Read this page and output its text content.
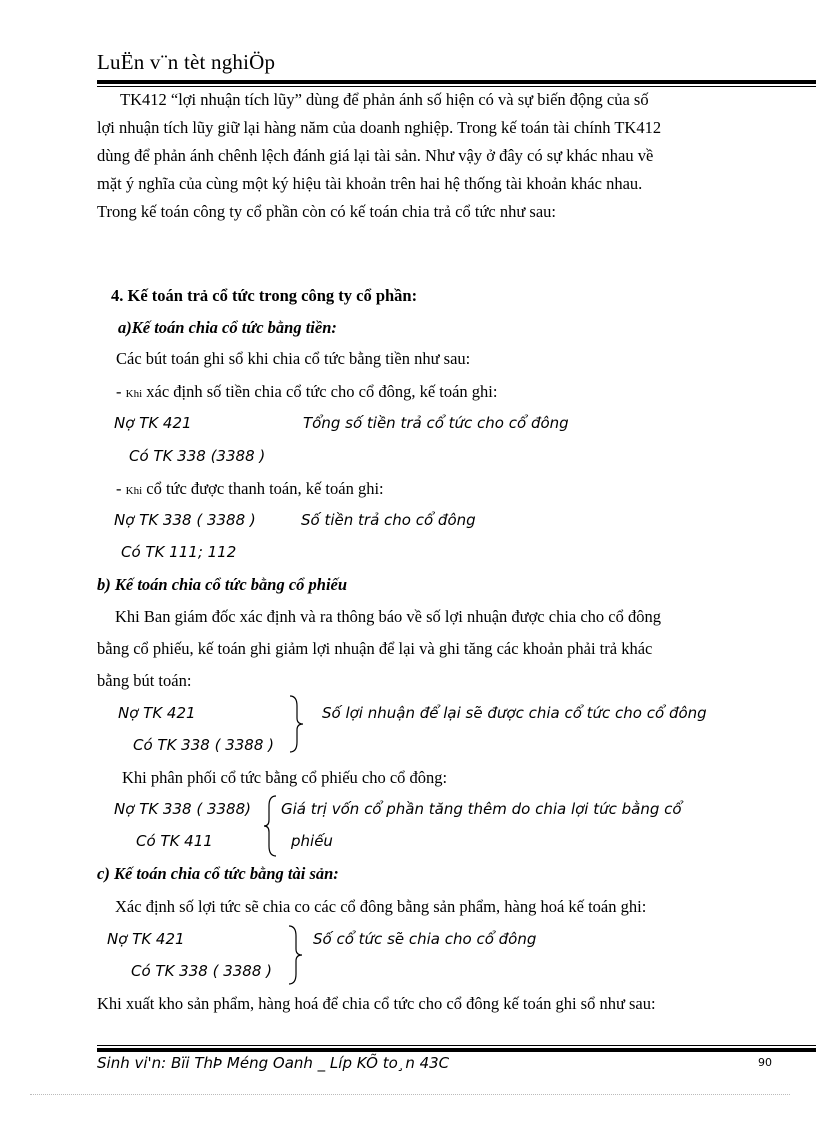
LuËn v¨n tèt nghiÖp
TK412 “lợi nhuận tích lũy” dùng để phản ánh số hiện có và sự biến động của số
lợi nhuận tích lũy giữ lại hàng năm của doanh nghiệp. Trong kế toán tài chính TK412
dùng để phản ánh chênh lệch đánh giá lại tài sản. Như vậy ở đây có sự khác nhau về
mặt ý nghĩa của cùng một ký hiệu tài khoản trên hai hệ thống tài khoản khác nhau.
Trong kế toán công ty cổ phần còn có kế toán chia trả cổ tức như sau:
4. Kế toán trả cổ tức trong công ty cổ phần:
a)Kế toán chia cổ tức bằng tiền:
Các bút toán ghi sổ khi chia cổ tức bằng tiền như sau:
- Khi xác định số tiền chia cổ tức cho cổ đông, kế toán ghi:
Nợ TK 421	Tổng số tiền trả cổ tức cho cổ đông
Có TK 338 (3388 )
- Khi cổ tức được thanh toán, kế toán ghi:
Nợ TK 338 ( 3388 )	Số tiền trả cho cổ đông
Có TK 111; 112
b) Kế toán chia cổ tức bằng cổ phiếu
Khi Ban giám đốc xác định và ra thông báo về số lợi nhuận được chia cho cổ đông
bằng cổ phiếu, kế toán ghi giảm lợi nhuận để lại và ghi tăng các khoản phải trả khác
bằng bút toán:
Nợ TK 421
Có TK 338 ( 3388 )
Số lợi nhuận để lại sẽ được chia cổ tức cho cổ đông
Khi phân phối cổ tức bằng cổ phiếu cho cổ đông:
Nợ TK 338 ( 3388)
Có TK 411
Giá trị vốn cổ phần tăng thêm do chia lợi tức bằng cổ
phiếu
c) Kế toán chia cổ tức bằng tài sản:
Xác định số lợi tức sẽ chia co các cổ đông bằng sản phẩm, hàng hoá kế toán ghi:
Nợ TK 421
Có TK 338 ( 3388 )
Số cổ tức sẽ chia cho cổ đông
Khi xuất kho sản phẩm, hàng hoá để chia cổ tức cho cổ đông kế toán ghi sổ như sau:
Sinh vi'n: Bïi ThÞ Méng Oanh _ Líp KÕ to¸n 43C	90
